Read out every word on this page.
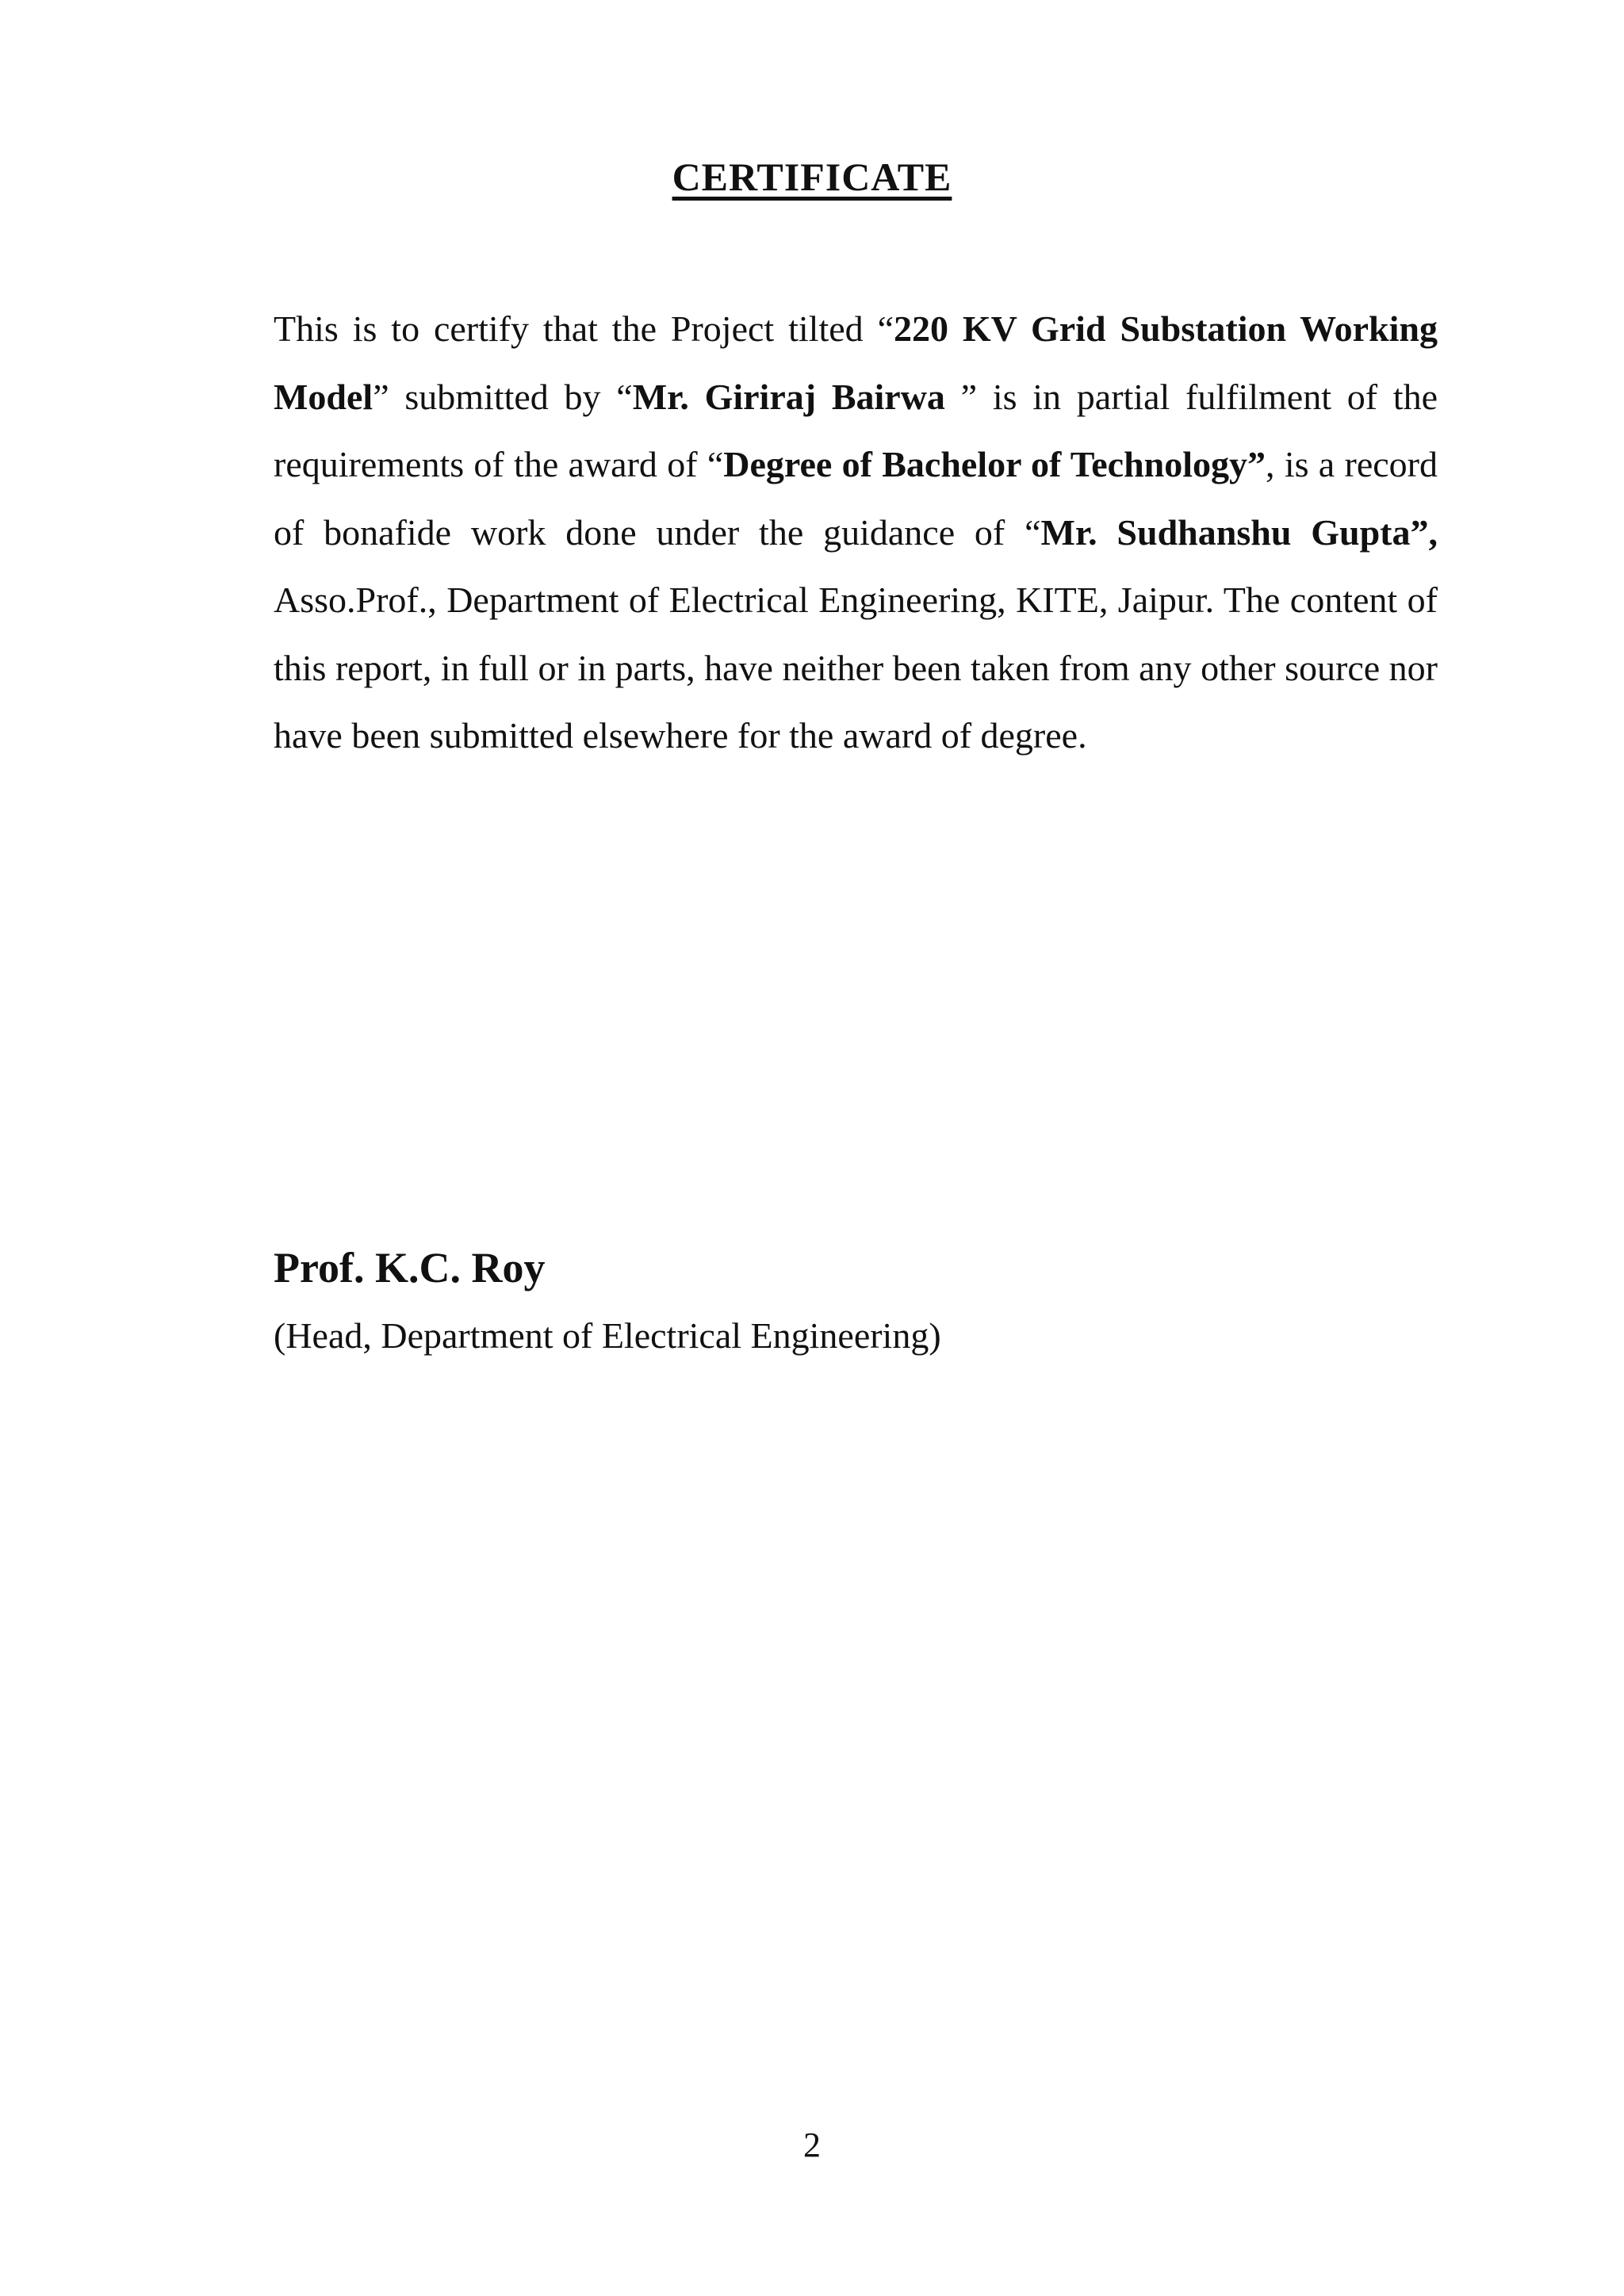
CERTIFICATE
This is to certify that the Project tilted “220 KV Grid Substation Working Model” submitted by “Mr. Giriraj Bairwa ” is in partial fulfilment of the requirements of the award of “Degree of Bachelor of Technology”, is a record of bonafide work done under the guidance of “Mr. Sudhanshu Gupta”, Asso.Prof., Department of Electrical Engineering, KITE, Jaipur. The content of this report, in full or in parts, have neither been taken from any other source nor have been submitted elsewhere for the award of degree.
Prof. K.C. Roy
(Head, Department of Electrical Engineering)
2
